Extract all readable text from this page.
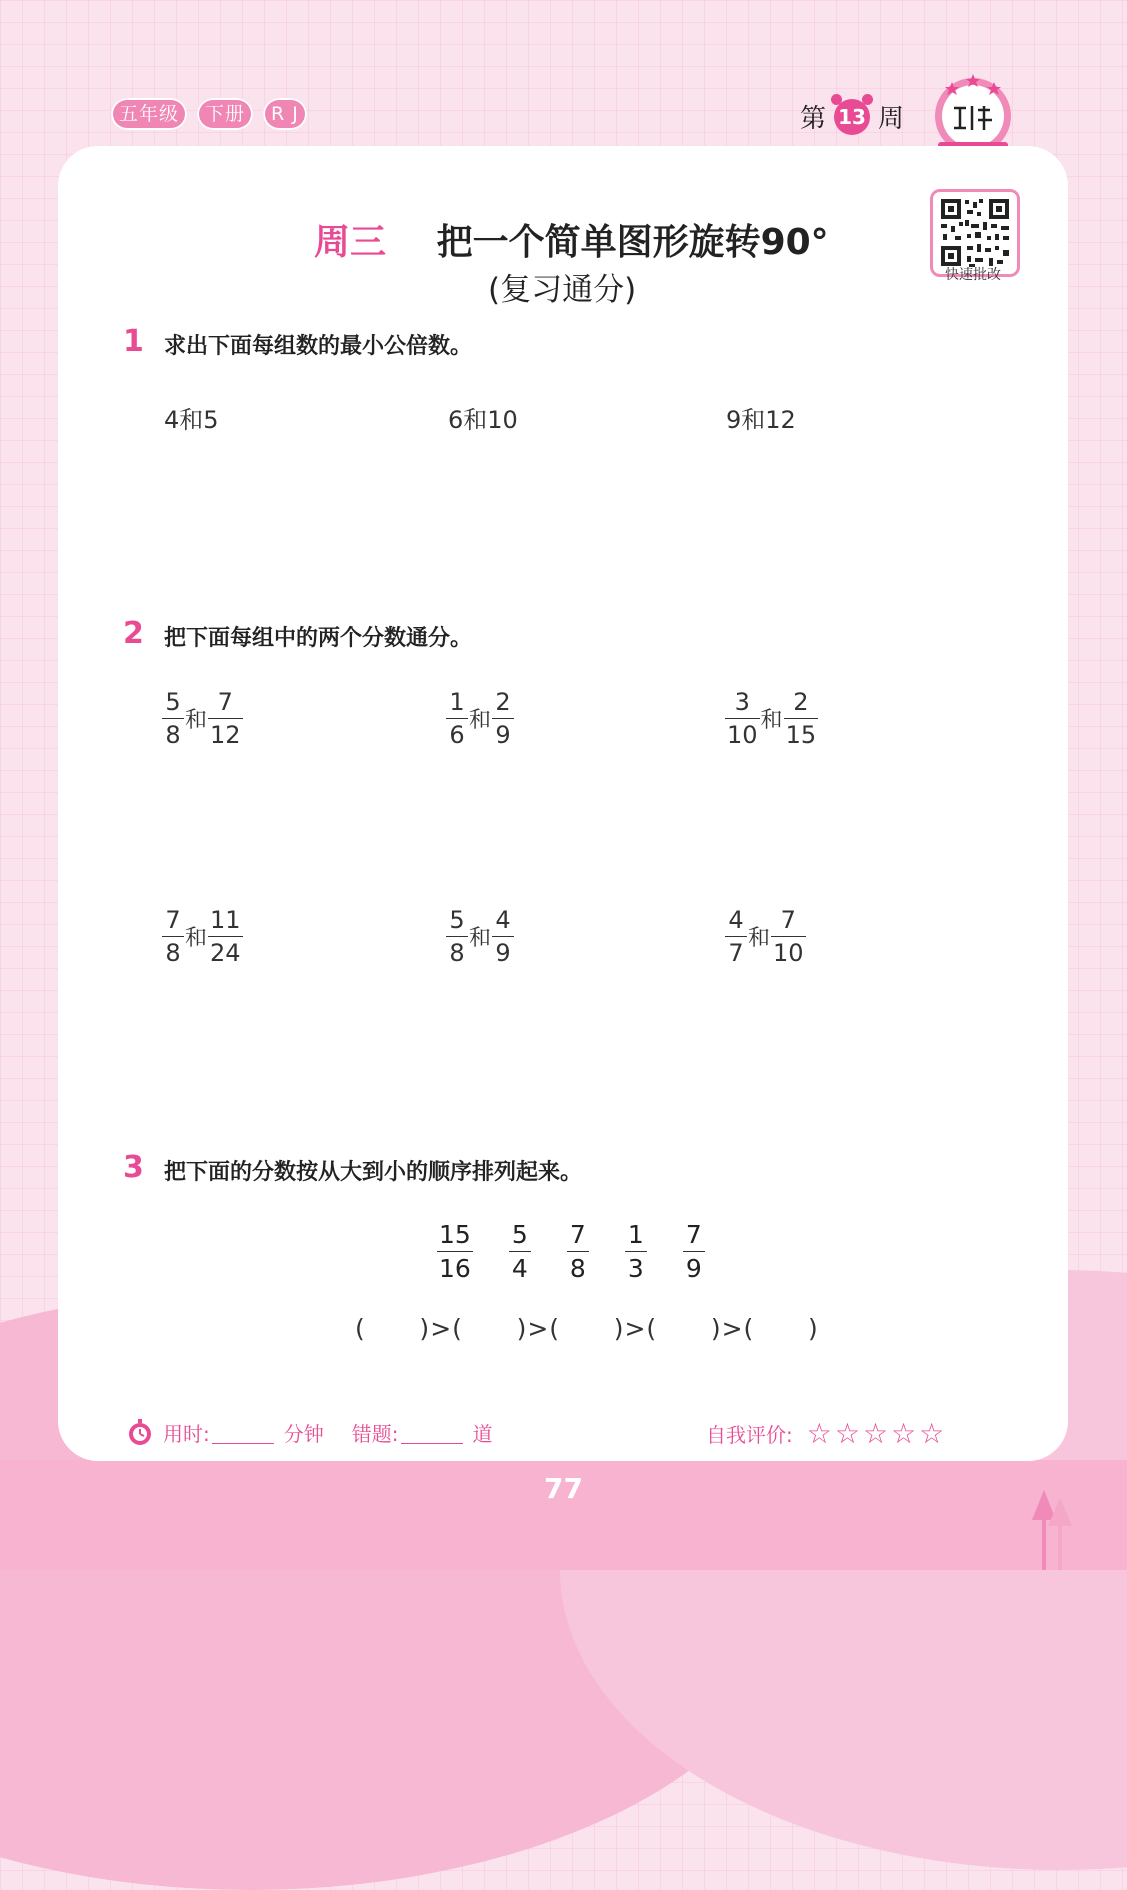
五年级	下册	R J	第 13 周
快速批改
周三 把一个简单图形旋转90°
(复习通分)
1 求出下面每组数的最小公倍数。
4和5	6和10	9和12
2 把下面每组中的两个分数通分。
$\frac{5}{8}$ 和 $\frac{7}{12}$	$\frac{1}{6}$ 和 $\frac{2}{9}$	$\frac{3}{10}$ 和 $\frac{2}{15}$
$\frac{7}{8}$ 和 $\frac{11}{24}$	$\frac{5}{8}$ 和 $\frac{4}{9}$	$\frac{4}{7}$ 和 $\frac{7}{10}$
3 把下面的分数按从大到小的顺序排列起来。
$\frac{15}{16} \frac{5}{4} \frac{7}{8} \frac{1}{3} \frac{7}{9}$
(      )>(      )>(      )>(      )>(      )
用时:	分钟 错题:	道	自我评价: ☆☆☆☆☆
77
